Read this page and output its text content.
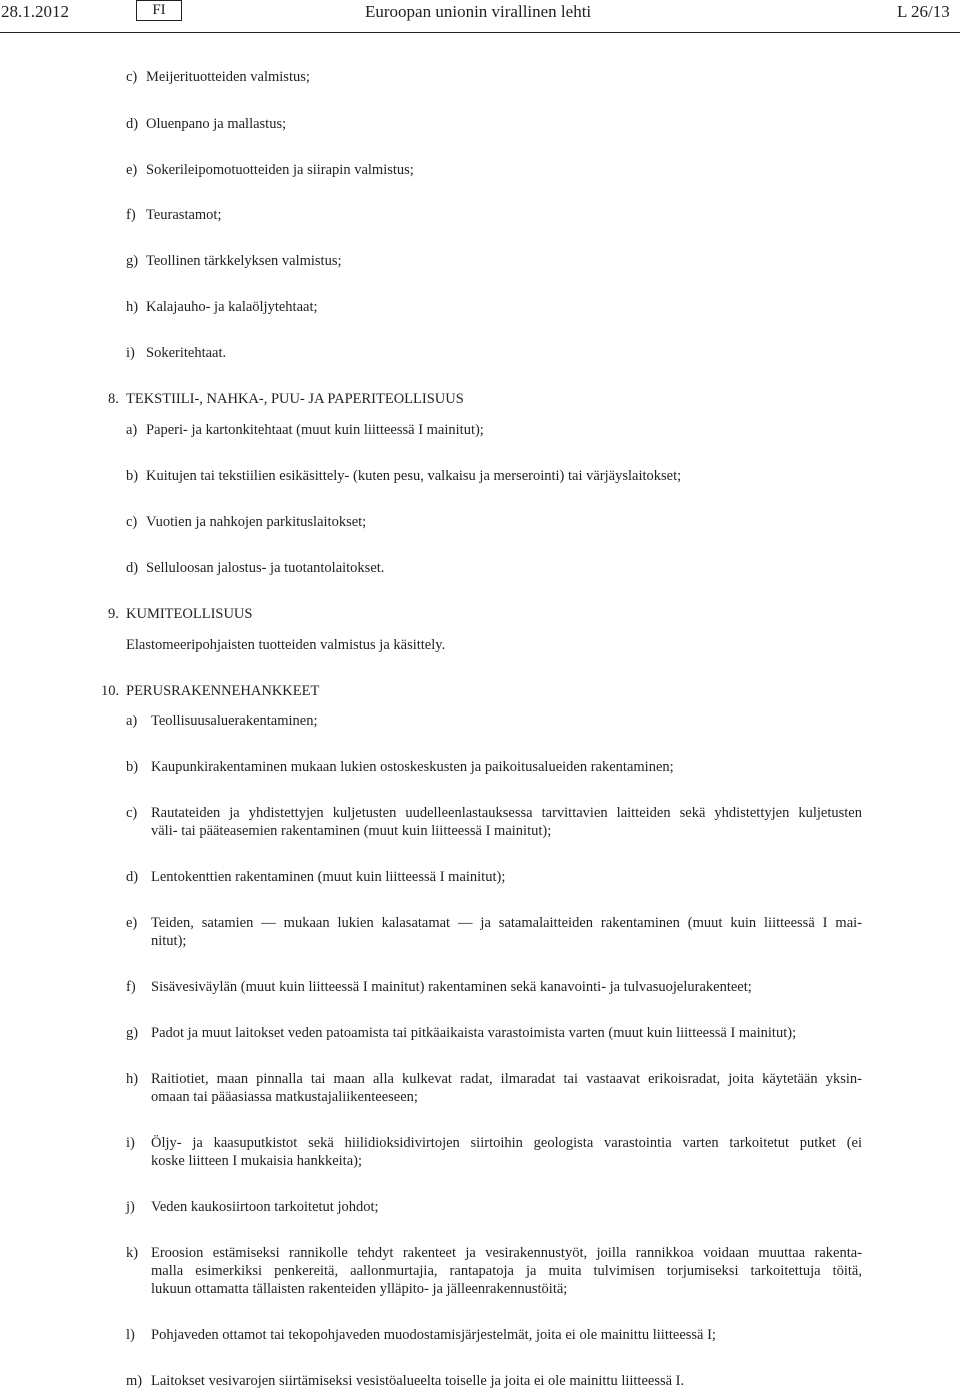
28.1.2012	FI	Euroopan unionin virallinen lehti	L 26/13
c) Meijerituotteiden valmistus;
d) Oluenpano ja mallastus;
e) Sokerileipomotuotteiden ja siirapin valmistus;
f) Teurastamot;
g) Teollinen tärkkelyksen valmistus;
h) Kalajauho- ja kalaöljytehtaat;
i) Sokeritehtaat.
8. TEKSTIILI-, NAHKA-, PUU- JA PAPERITEOLLISUUS
a) Paperi- ja kartonkitehtaat (muut kuin liitteessä I mainitut);
b) Kuitujen tai tekstiilien esikäsittely- (kuten pesu, valkaisu ja merserointi) tai värjäyslaitokset;
c) Vuotien ja nahkojen parkituslaitokset;
d) Selluloosan jalostus- ja tuotantolaitokset.
9. KUMITEOLLISUUS
Elastomeeripohjaisten tuotteiden valmistus ja käsittely.
10. PERUSRAKENNEHANKKEET
a) Teollisuusaluerakentaminen;
b) Kaupunkirakentaminen mukaan lukien ostoskeskusten ja paikoitusalueiden rakentaminen;
c) Rautateiden ja yhdistettyjen kuljetusten uudelleenlastauksessa tarvittavien laitteiden sekä yhdistettyjen kuljetusten
väli- tai pääteasemien rakentaminen (muut kuin liitteessä I mainitut);
d) Lentokenttien rakentaminen (muut kuin liitteessä I mainitut);
e) Teiden, satamien — mukaan lukien kalasatamat — ja satamalaitteiden rakentaminen (muut kuin liitteessä I mai-
nitut);
f) Sisävesiväylän (muut kuin liitteessä I mainitut) rakentaminen sekä kanavointi- ja tulvasuojelurakenteet;
g) Padot ja muut laitokset veden patoamista tai pitkäaikaista varastoimista varten (muut kuin liitteessä I mainitut);
h) Raitiotiet, maan pinnalla tai maan alla kulkevat radat, ilmaradat tai vastaavat erikoisradat, joita käytetään yksin-
omaan tai pääasiassa matkustajaliikenteeseen;
i) Öljy- ja kaasuputkistot sekä hiilidioksidivirtojen siirtoihin geologista varastointia varten tarkoitetut putket (ei
koske liitteen I mukaisia hankkeita);
j) Veden kaukosiirtoon tarkoitetut johdot;
k) Eroosion estämiseksi rannikolle tehdyt rakenteet ja vesirakennustyöt, joilla rannikkoa voidaan muuttaa rakenta-
malla esimerkiksi penkereitä, aallonmurtajia, rantapatoja ja muita tulvimisen torjumiseksi tarkoitettuja töitä,
lukuun ottamatta tällaisten rakenteiden ylläpito- ja jälleenrakennustöitä;
l) Pohjaveden ottamot tai tekopohjaveden muodostamisjärjestelmät, joita ei ole mainittu liitteessä I;
m) Laitokset vesivarojen siirtämiseksi vesistöalueelta toiselle ja joita ei ole mainittu liitteessä I.
